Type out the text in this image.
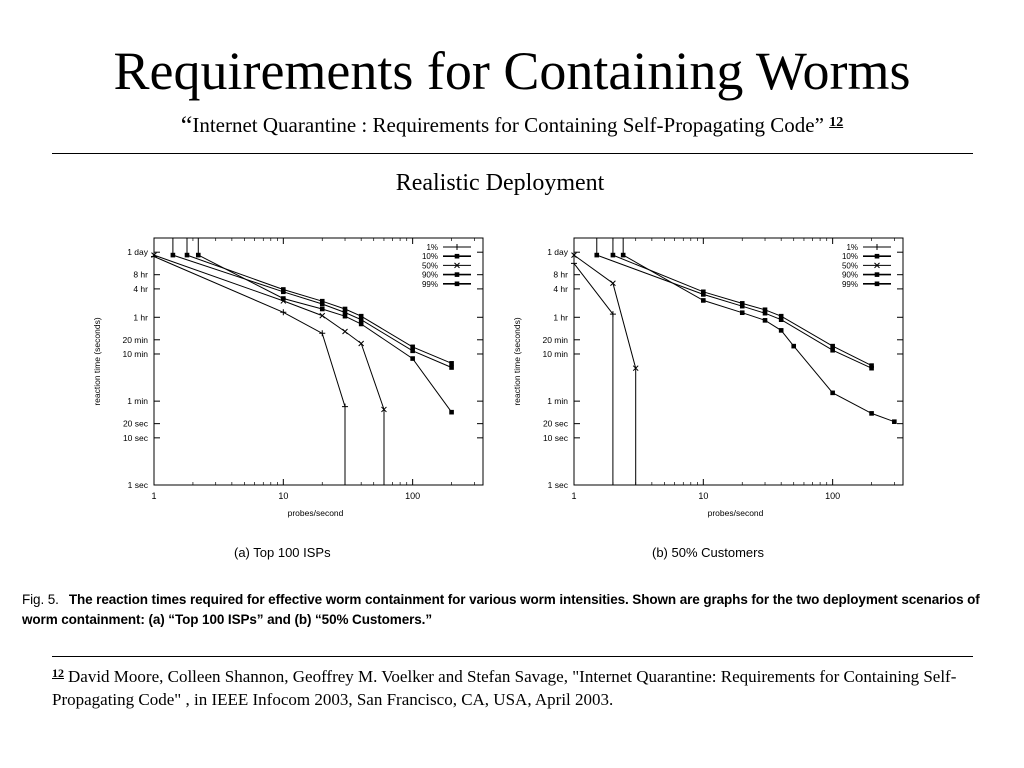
Requirements for Containing Worms
“Internet Quarantine : Requirements for Containing Self-Propagating Code” $^{12}$
Realistic Deployment
1	10	100
1 sec
10 sec
20 sec
1 min
10 min
20 min
1 hr
4 hr
8 hr
1 day
probes/second
reaction time (seconds)
1%
10%
50%
90%
99%
1	10	100
1 sec
10 sec
20 sec
1 min
10 min
20 min
1 hr
4 hr
8 hr
1 day
probes/second
reaction time (seconds)
1%
10%
50%
90%
99%
(a) Top 100 ISPs	(b) 50% Customers
Fig. 5. The reaction times required for effective worm containment for various worm intensities. Shown are graphs for the two deployment scenarios of worm containment: (a) “Top 100 ISPs” and (b) “50% Customers.”
$^{12}$ David Moore, Colleen Shannon, Geoffrey M. Voelker and Stefan Savage, "Internet Quarantine: Requirements for Containing Self-Propagating Code" , in IEEE Infocom 2003, San Francisco, CA, USA, April 2003.
